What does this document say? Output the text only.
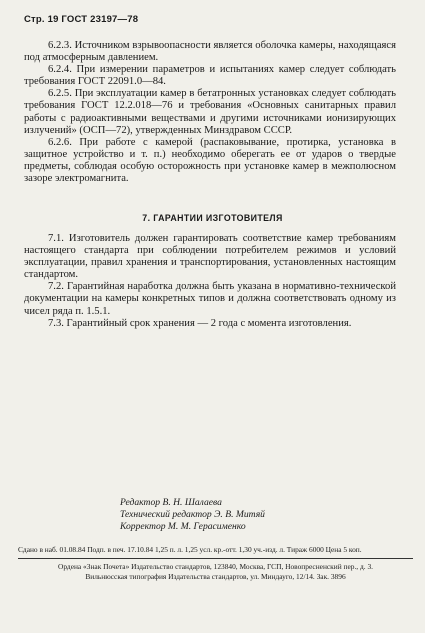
Стр. 19 ГОСТ 23197—78

6.2.3. Источником взрывоопасности является оболочка камеры, находящаяся под атмосферным давлением.

6.2.4. При измерении параметров и испытаниях камер следует соблюдать требования ГОСТ 22091.0—84.

6.2.5. При эксплуатации камер в бетатронных установках следует соблюдать требования ГОСТ 12.2.018—76 и требования «Основных санитарных правил работы с радиоактивными веществами и другими источниками ионизирующих излучений» (ОСП—72), утвержденных Минздравом СССР.

6.2.6. При работе с камерой (распаковывание, протирка, установка в защитное устройство и т. п.) необходимо оберегать ее от ударов о твердые предметы, соблюдая особую осторожность при установке камер в межполюсном зазоре электромагнита.

7. ГАРАНТИИ ИЗГОТОВИТЕЛЯ

7.1. Изготовитель должен гарантировать соответствие камер требованиям настоящего стандарта при соблюдении потребителем режимов и условий эксплуатации, правил хранения и транспортирования, установленных настоящим стандартом.

7.2. Гарантийная наработка должна быть указана в нормативно-технической документации на камеры конкретных типов и должна соответствовать одному из чисел ряда п. 1.5.1.

7.3. Гарантийный срок хранения — 2 года с момента изготовления.

Редактор В. Н. Шалаева
Технический редактор Э. В. Митяй
Корректор М. М. Герасименко
Сдано в наб. 01.08.84 Подп. в печ. 17.10.84 1,25 п. л. 1,25 усл. кр.-отт. 1,30 уч.-изд. л. Тираж 6000 Цена 5 коп.
Ордена «Знак Почета» Издательство стандартов, 123840, Москва, ГСП, Новопресненский пер., д. 3.
Вильнюсская типография Издательства стандартов, ул. Миндауго, 12/14. Зак. 3896
